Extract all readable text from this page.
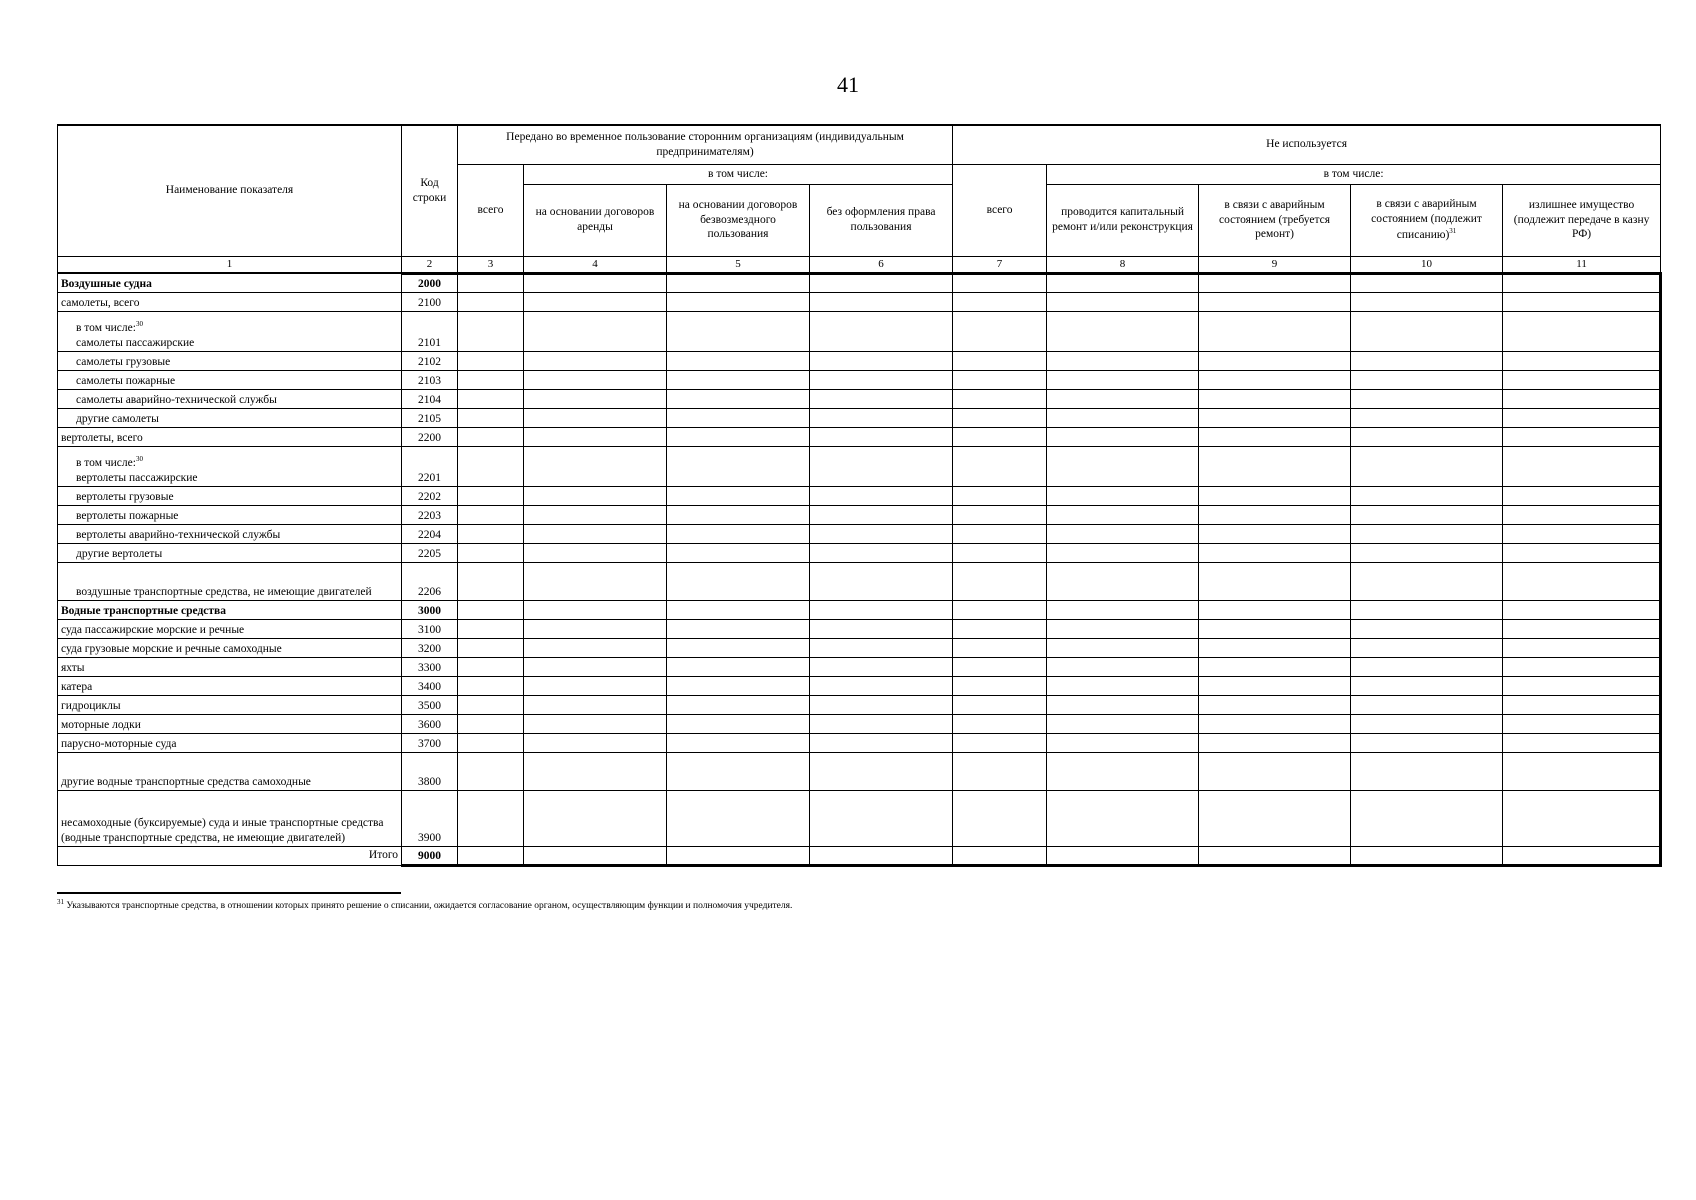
41
Наименование показателя	Код строки	Передано во временное пользование сторонним организациям (индивидуальным предпринимателям)				Не используется				
		всего	в том числе:			всего	в том числе:			
			на основании договоров аренды	на основании договоров безвозмездного пользования	без оформления права пользования		проводится капитальный ремонт и/или реконструкция	в связи с аварийным состоянием (требуется ремонт)	в связи с аварийным состоянием (подлежит списанию)$^{31}$	излишнее имущество (подлежит передаче в казну РФ)
1	2	3	4	5	6	7	8	9	10	11
Воздушные судна	2000									
самолеты, всего	2100									

в том числе:$^{30}$
самолеты пассажирские	2101									
самолеты грузовые	2102									
самолеты пожарные	2103									
самолеты аварийно-технической службы	2104									
другие самолеты	2105									
вертолеты, всего	2200									

в том числе:$^{30}$
вертолеты пассажирские	2201									
вертолеты грузовые	2202									
вертолеты пожарные	2203									
вертолеты аварийно-технической службы	2204									
другие вертолеты	2205									
воздушные транспортные средства, не имеющие двигателей	2206									
Водные транспортные средства	3000									
суда пассажирские морские и речные	3100									
суда грузовые морские и речные самоходные	3200									
яхты	3300									
катера	3400									
гидроциклы	3500									
моторные лодки	3600									
парусно-моторные суда	3700									
другие водные транспортные средства самоходные	3800									
несамоходные (буксируемые) суда и иные транспортные средства (водные транспортные средства, не имеющие двигателей)	3900									
Итого	9000									
$^{31}$ Указываются транспортные средства, в отношении которых принято решение о списании, ожидается согласование органом, осуществляющим функции и полномочия учредителя.
